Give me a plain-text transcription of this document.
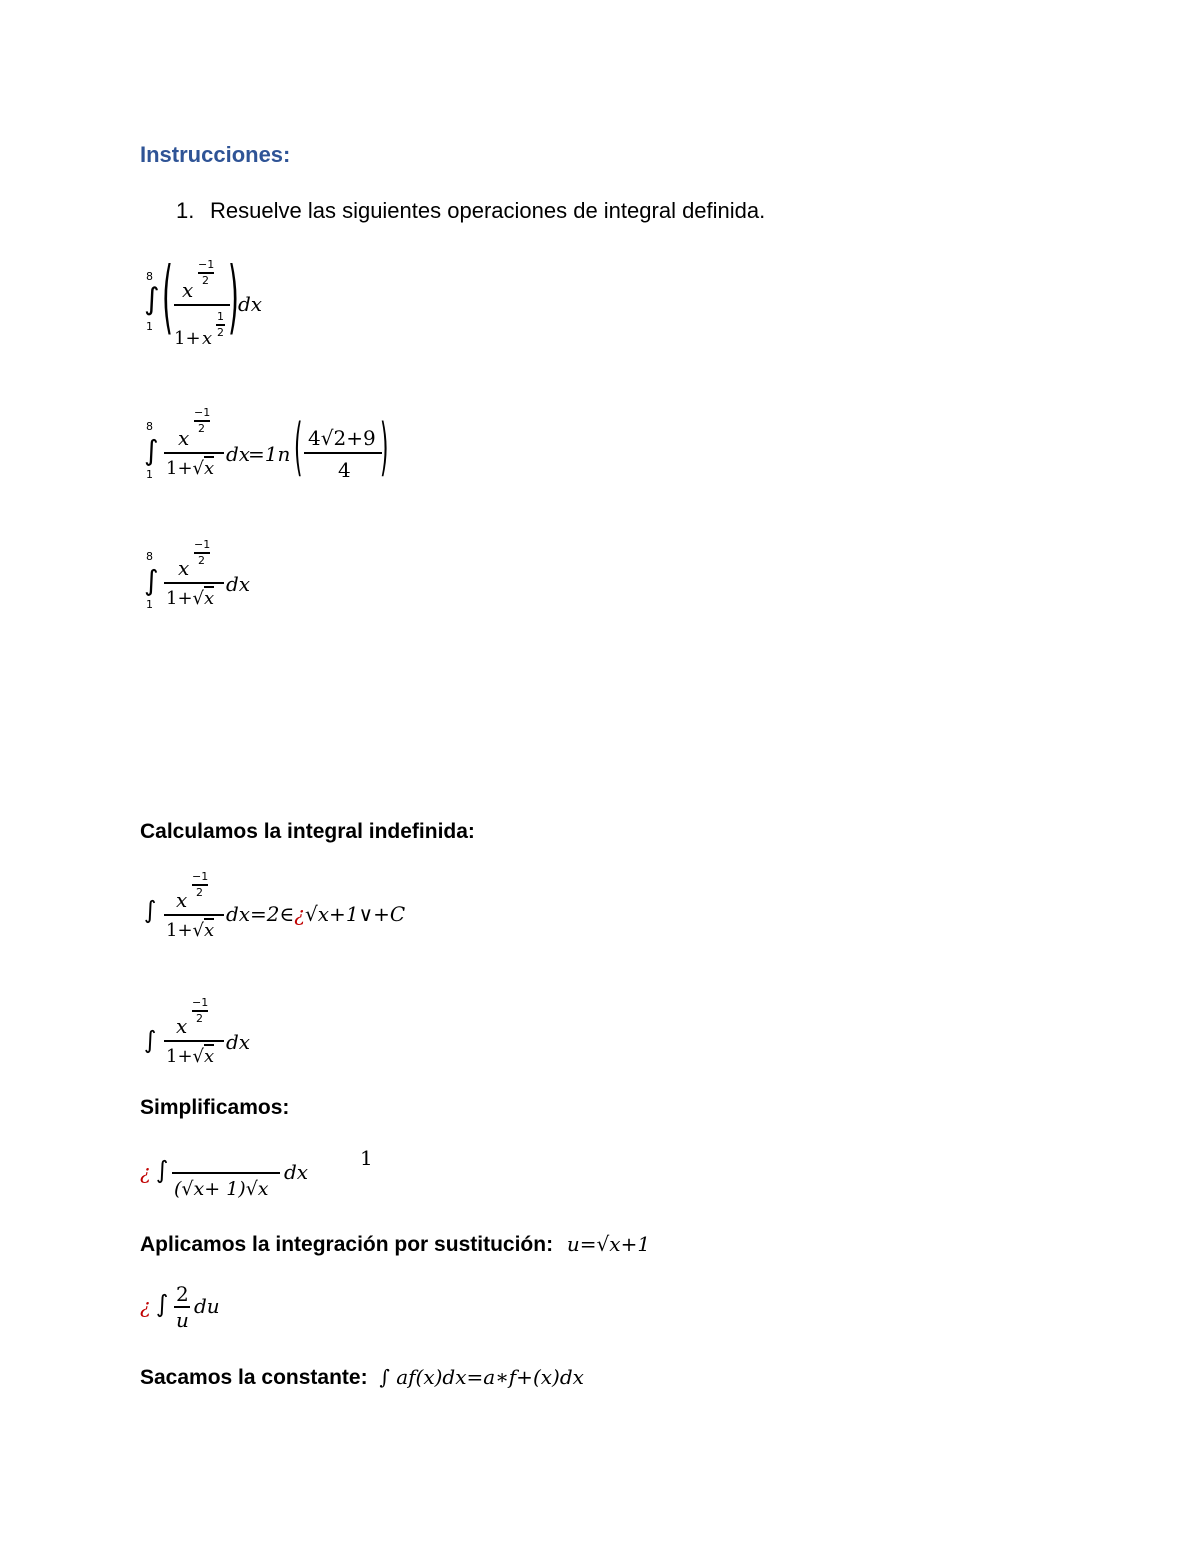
Instrucciones:
1. Resuelve las siguientes operaciones de integral definida.
8
∫
1 ( x
−1
2
1+ x
1
2 ) dx
8
∫
1
−1
2
x
1+√x
dx
=1n ( 4√2+9
4 )
8
∫
1
−1
2
x
1+√x
dx
Calculamos la integral indefinida:
∫
−1
2
x
1+√x
dx =2∈¿√x+1∨+C
∫
−1
2
x
1+√x
dx
Simplificamos:
¿ ∫	1
(√x+ 1)√x
dx
Aplicamos la integración por sustitución: u=√x+1
¿ ∫ 2
u
du
Sacamos la constante: ∫ af(x)dx=a∗f+(x)dx
